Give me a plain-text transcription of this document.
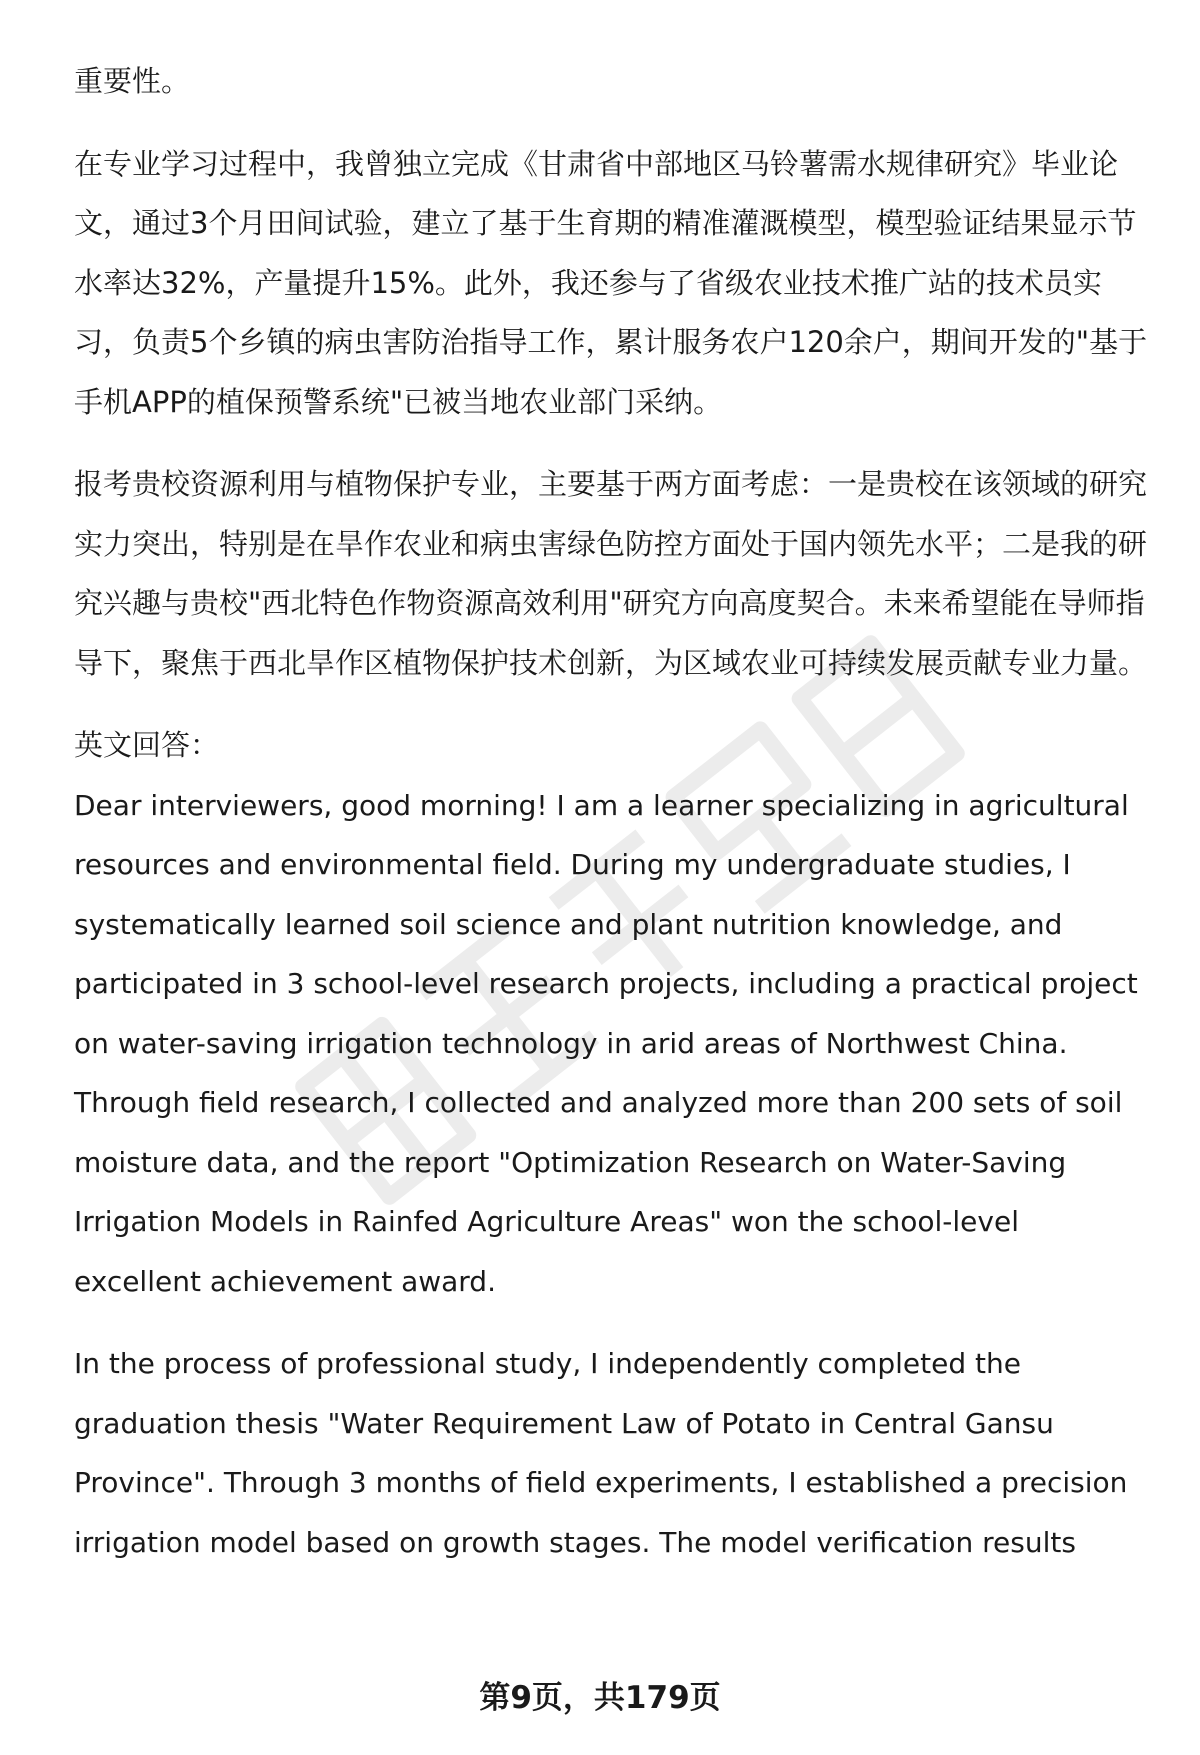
重要性。

在专业学习过程中，我曾独立完成《甘肃省中部地区马铃薯需水规律研究》毕业论文，通过3个月田间试验，建立了基于生育期的精准灌溉模型，模型验证结果显示节水率达32%，产量提升15%。此外，我还参与了省级农业技术推广站的技术员实习，负责5个乡镇的病虫害防治指导工作，累计服务农户120余户，期间开发的"基于手机APP的植保预警系统"已被当地农业部门采纳。

报考贵校资源利用与植物保护专业，主要基于两方面考虑：一是贵校在该领域的研究实力突出，特别是在旱作农业和病虫害绿色防控方面处于国内领先水平；二是我的研究兴趣与贵校"西北特色作物资源高效利用"研究方向高度契合。未来希望能在导师指导下，聚焦于西北旱作区植物保护技术创新，为区域农业可持续发展贡献专业力量。

英文回答：

Dear interviewers, good morning! I am a learner specializing in agricultural resources and environmental field. During my undergraduate studies, I systematically learned soil science and plant nutrition knowledge, and participated in 3 school-level research projects, including a practical project on water-saving irrigation technology in arid areas of Northwest China. Through field research, I collected and analyzed more than 200 sets of soil moisture data, and the report "Optimization Research on Water-Saving Irrigation Models in Rainfed Agriculture Areas" won the school-level excellent achievement award.

In the process of professional study, I independently completed the graduation thesis "Water Requirement Law of Potato in Central Gansu Province". Through 3 months of field experiments, I established a precision irrigation model based on growth stages. The model verification results

第9页，共179页
